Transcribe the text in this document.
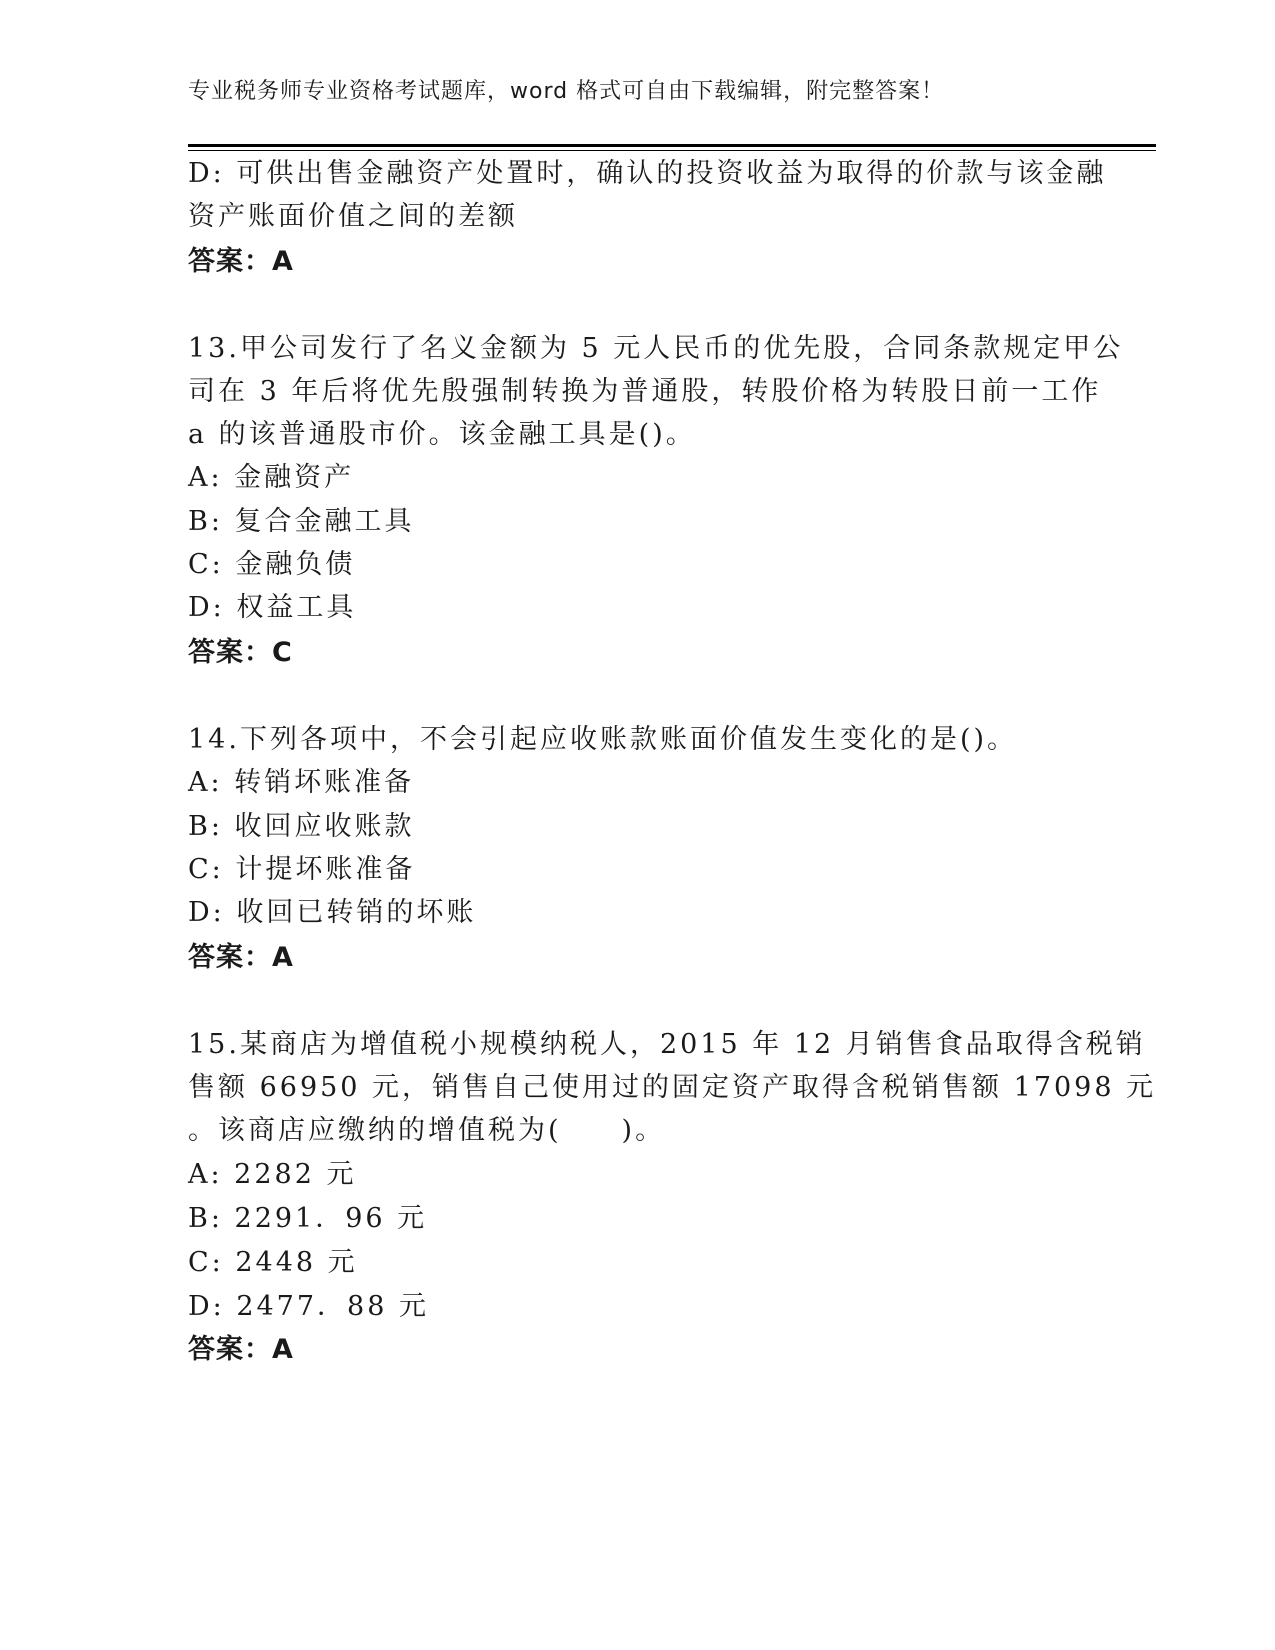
专业税务师专业资格考试题库，word 格式可自由下载编辑，附完整答案！
D: 可供出售金融资产处置时，确认的投资收益为取得的价款与该金融
资产账面价值之间的差额
答案：A
13.甲公司发行了名义金额为 5 元人民币的优先股，合同条款规定甲公
司在 3 年后将优先殷强制转换为普通股，转股价格为转股日前一工作
a 的该普通股市价。该金融工具是()。
A: 金融资产
B: 复合金融工具
C: 金融负债
D: 权益工具
答案：C
14.下列各项中，不会引起应收账款账面价值发生变化的是()。
A: 转销坏账准备
B: 收回应收账款
C: 计提坏账准备
D: 收回已转销的坏账
答案：A
15.某商店为增值税小规模纳税人，2015 年 12 月销售食品取得含税销
售额 66950 元，销售自己使用过的固定资产取得含税销售额 17098 元
。该商店应缴纳的增值税为(　　)。
A: 2282 元
B: 2291．96 元
C: 2448 元
D: 2477．88 元
答案：A
